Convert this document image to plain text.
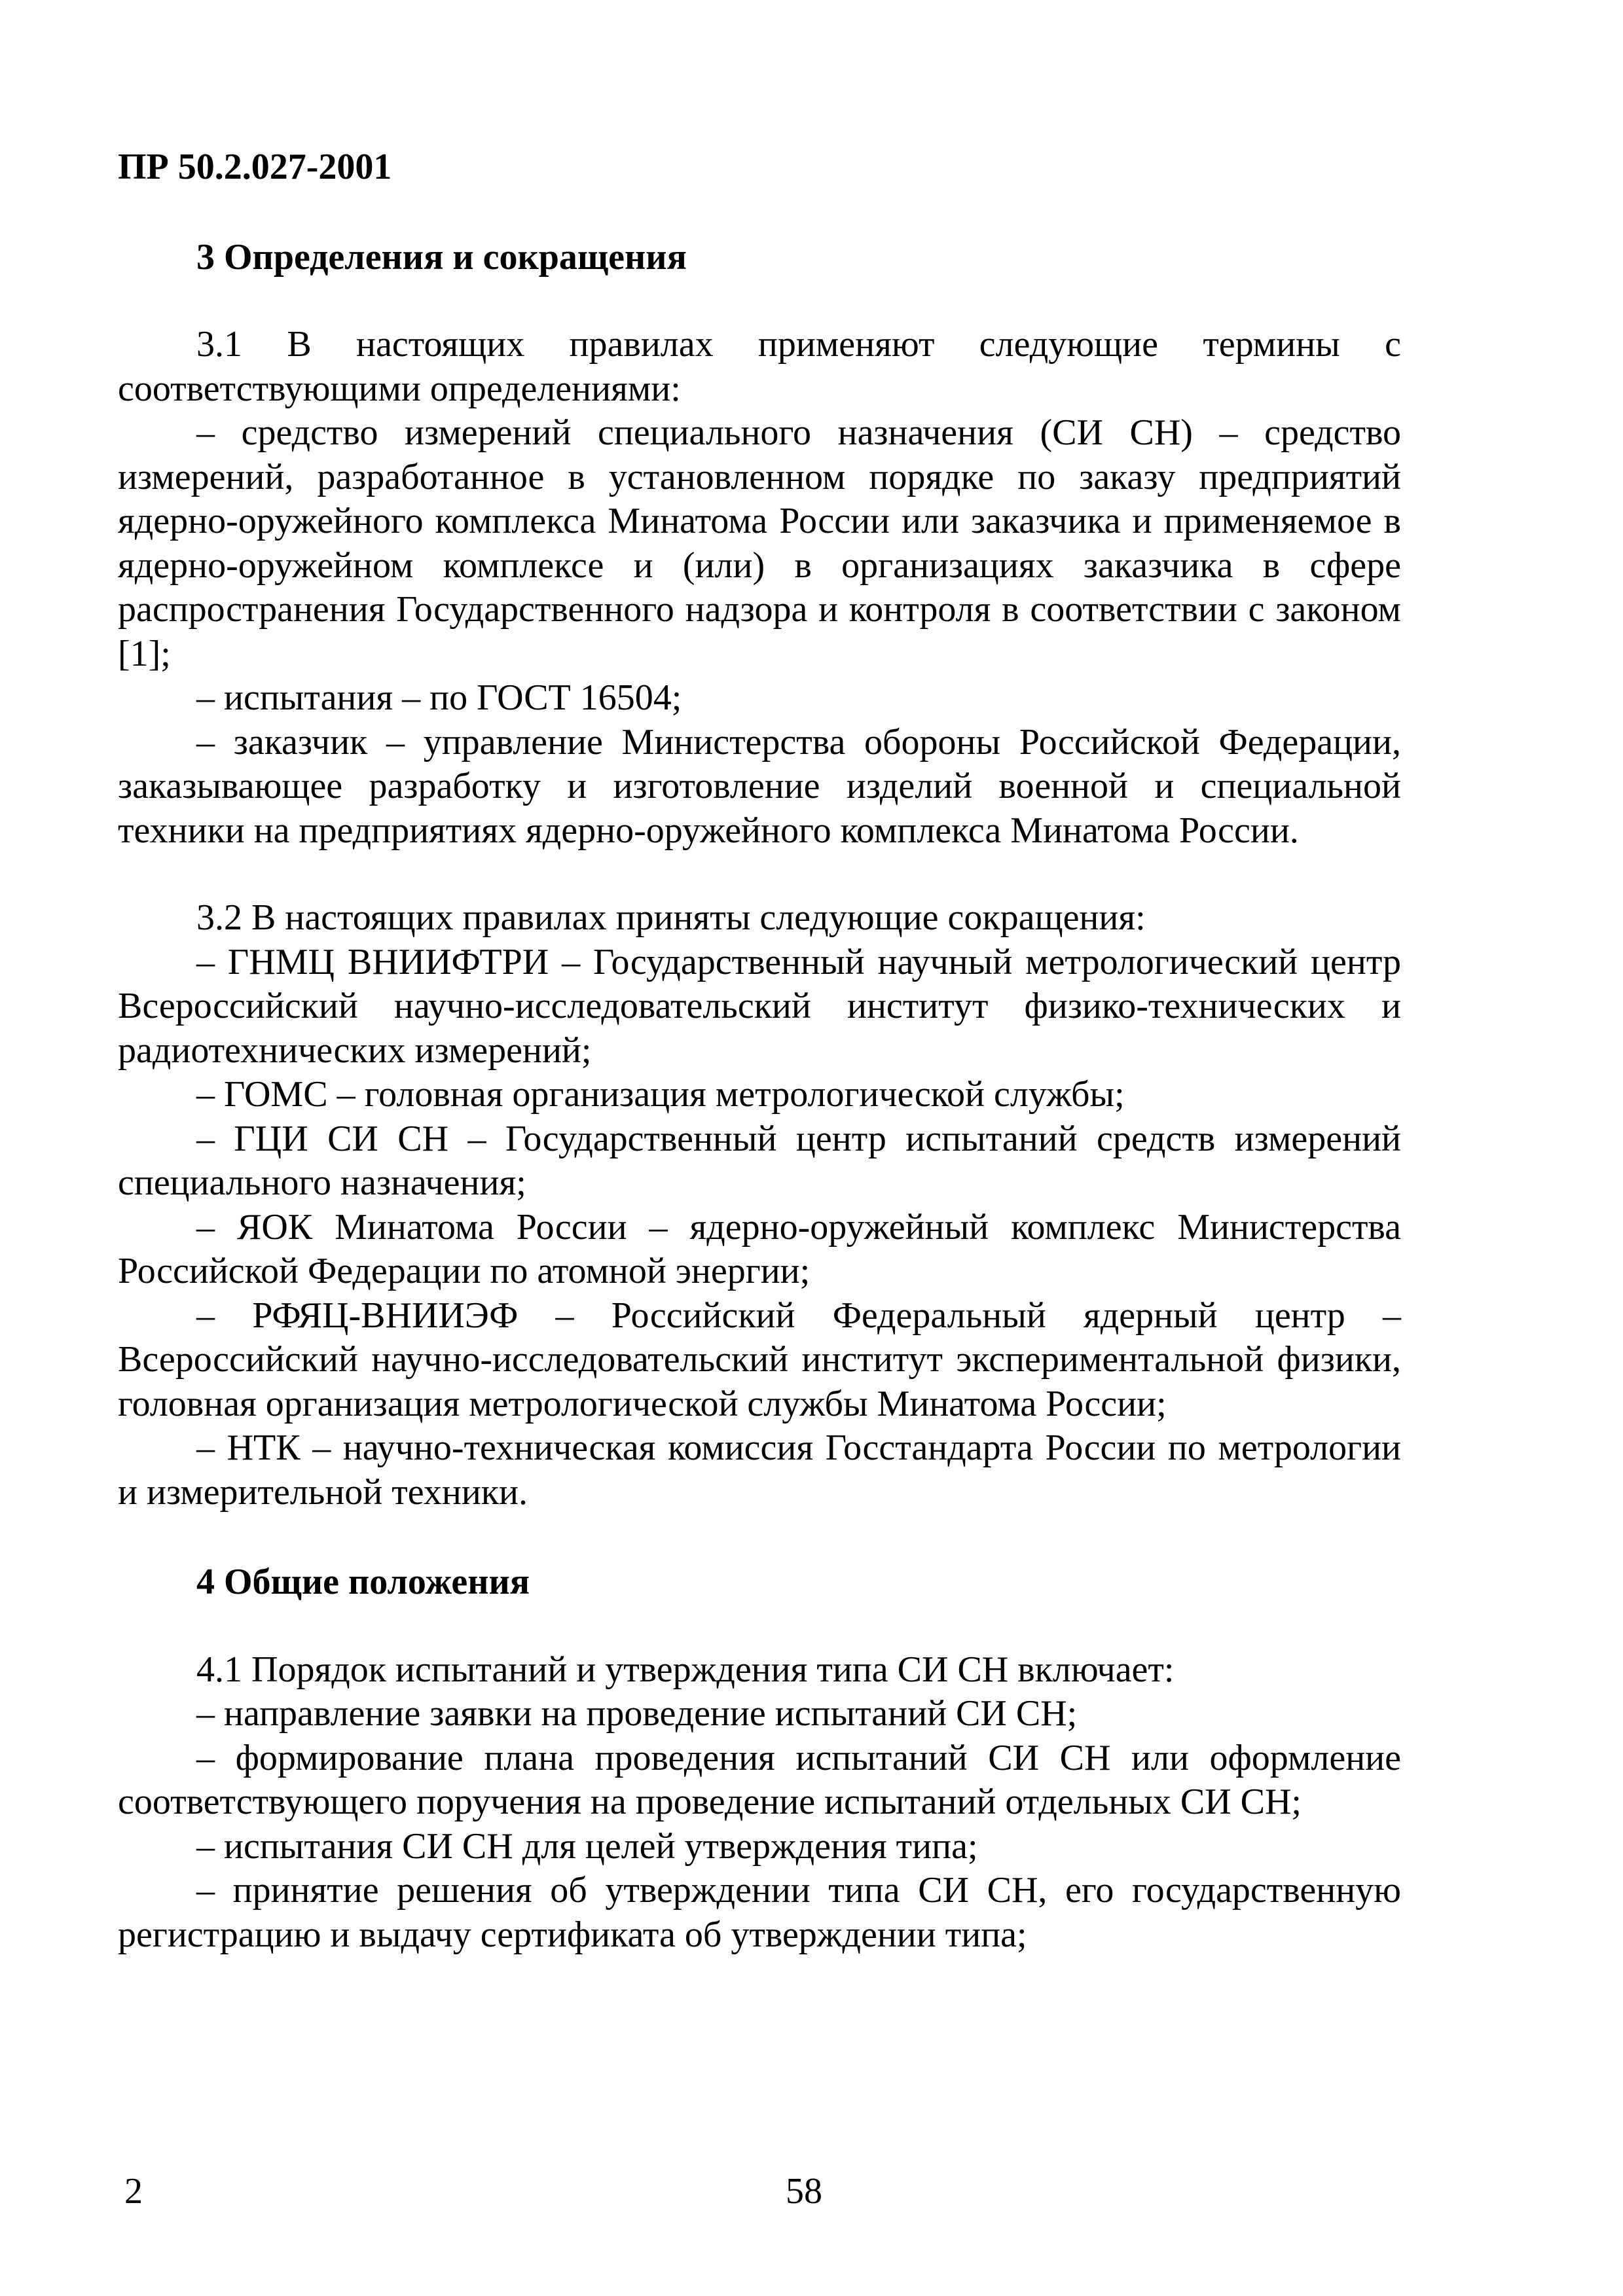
ПР 50.2.027-2001

3 Определения и сокращения

3.1 В настоящих правилах применяют следующие термины с соответствующими определениями:

– средство измерений специального назначения (СИ СН) – средство измерений, разработанное в установленном порядке по заказу предприятий ядерно-оружейного комплекса Минатома России или заказчика и применяемое в ядерно-оружейном комплексе и (или) в организациях заказчика в сфере распространения Государственного надзора и контроля в соответствии с законом [1];

– испытания – по ГОСТ 16504;

– заказчик – управление Министерства обороны Российской Федерации, заказывающее разработку и изготовление изделий военной и специальной техники на предприятиях ядерно-оружейного комплекса Минатома России.

3.2 В настоящих правилах приняты следующие сокращения:

– ГНМЦ ВНИИФТРИ – Государственный научный метрологический центр Всероссийский научно-исследовательский институт физико-технических и радиотехнических измерений;

– ГОМС – головная организация метрологической службы;

– ГЦИ СИ СН – Государственный центр испытаний средств измерений специального назначения;

– ЯОК Минатома России – ядерно-оружейный комплекс Министерства Российской Федерации по атомной энергии;

– РФЯЦ-ВНИИЭФ – Российский Федеральный ядерный центр – Всероссийский научно-исследовательский институт экспериментальной физики, головная организация метрологической службы Минатома России;

– НТК – научно-техническая комиссия Госстандарта России по метрологии и измерительной техники.

4 Общие положения

4.1 Порядок испытаний и утверждения типа СИ СН включает:

– направление заявки на проведение испытаний СИ СН;

– формирование плана проведения испытаний СИ СН или оформление соответствующего поручения на проведение испытаний отдельных СИ СН;

– испытания СИ СН для целей утверждения типа;

– принятие решения об утверждении типа СИ СН, его государственную регистрацию и выдачу сертификата об утверждении типа;

2	58
